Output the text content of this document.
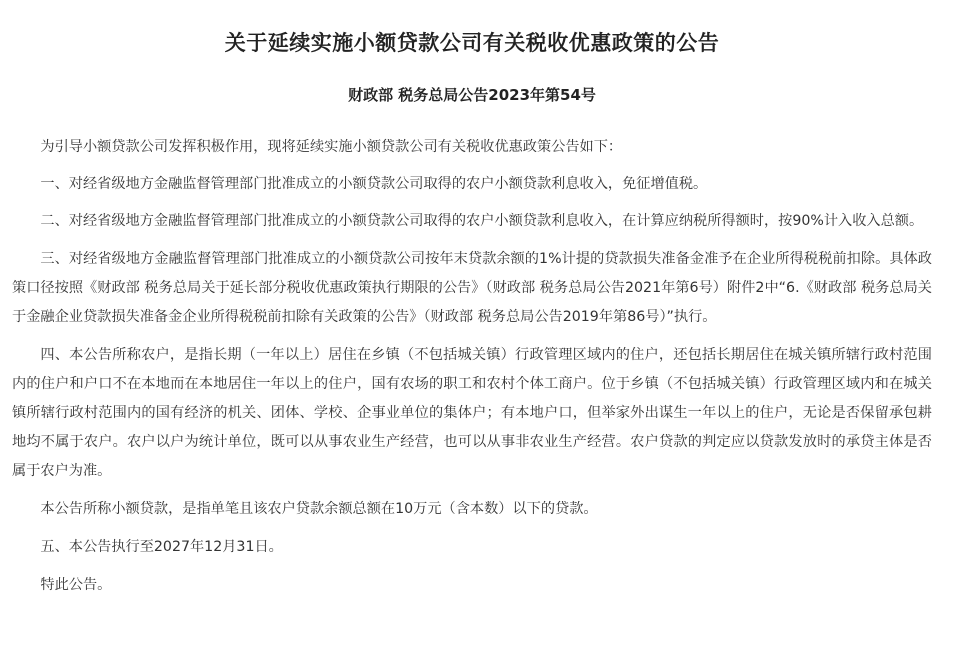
关于延续实施小额贷款公司有关税收优惠政策的公告
财政部 税务总局公告2023年第54号

为引导小额贷款公司发挥积极作用，现将延续实施小额贷款公司有关税收优惠政策公告如下：

一、对经省级地方金融监督管理部门批准成立的小额贷款公司取得的农户小额贷款利息收入，免征增值税。

二、对经省级地方金融监督管理部门批准成立的小额贷款公司取得的农户小额贷款利息收入，在计算应纳税所得额时，按90%计入收入总额。

三、对经省级地方金融监督管理部门批准成立的小额贷款公司按年末贷款余额的1%计提的贷款损失准备金准予在企业所得税税前扣除。具体政策口径按照《财政部 税务总局关于延长部分税收优惠政策执行期限的公告》（财政部 税务总局公告2021年第6号）附件2中“6.《财政部 税务总局关于金融企业贷款损失准备金企业所得税税前扣除有关政策的公告》（财政部 税务总局公告2019年第86号）”执行。

四、本公告所称农户，是指长期（一年以上）居住在乡镇（不包括城关镇）行政管理区域内的住户，还包括长期居住在城关镇所辖行政村范围内的住户和户口不在本地而在本地居住一年以上的住户，国有农场的职工和农村个体工商户。位于乡镇（不包括城关镇）行政管理区域内和在城关镇所辖行政村范围内的国有经济的机关、团体、学校、企事业单位的集体户；有本地户口，但举家外出谋生一年以上的住户，无论是否保留承包耕地均不属于农户。农户以户为统计单位，既可以从事农业生产经营，也可以从事非农业生产经营。农户贷款的判定应以贷款发放时的承贷主体是否属于农户为准。

本公告所称小额贷款，是指单笔且该农户贷款余额总额在10万元（含本数）以下的贷款。

五、本公告执行至2027年12月31日。

特此公告。
